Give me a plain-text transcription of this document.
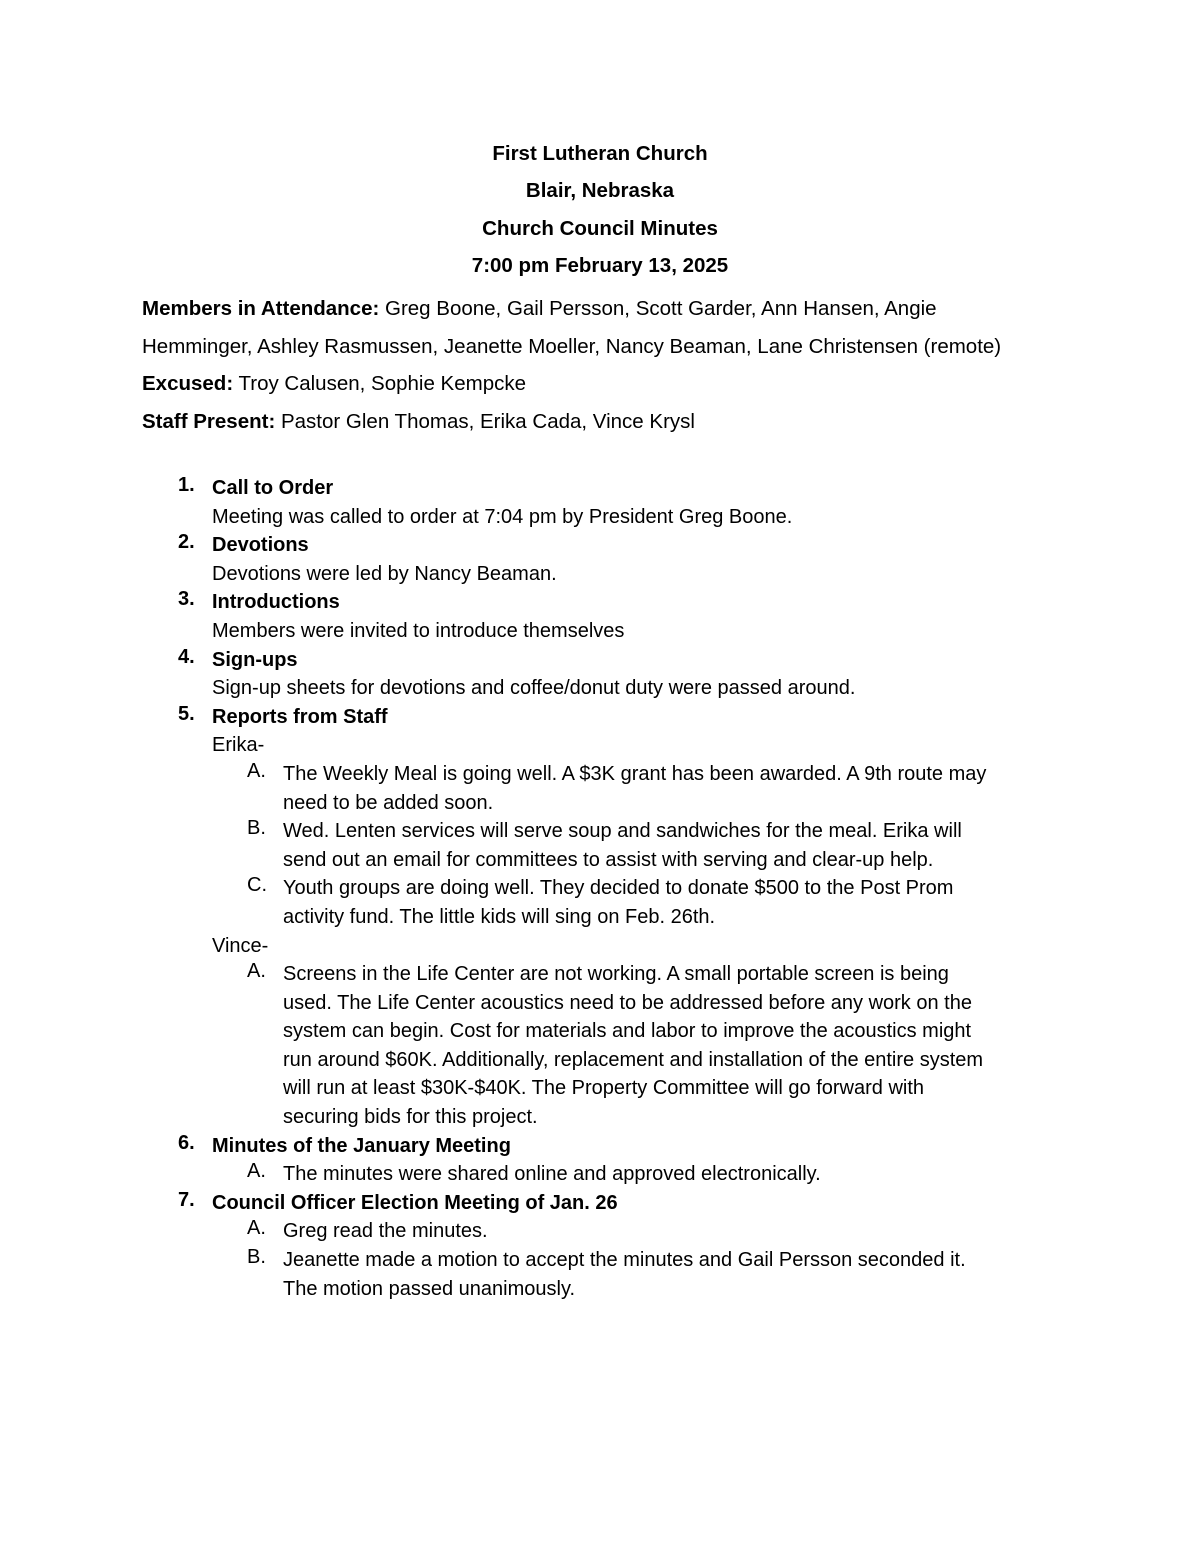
First Lutheran Church
Blair, Nebraska
Church Council Minutes
7:00 pm February 13, 2025

Members in Attendance: Greg Boone, Gail Persson, Scott Garder, Ann Hansen, Angie

Hemminger, Ashley Rasmussen, Jeanette Moeller, Nancy Beaman, Lane Christensen (remote)

Excused: Troy Calusen, Sophie Kempcke

Staff Present: Pastor Glen Thomas, Erika Cada, Vince Krysl

1. Call to Order
Meeting was called to order at 7:04 pm by President Greg Boone.
2. Devotions
Devotions were led by Nancy Beaman.
3. Introductions
Members were invited to introduce themselves
4. Sign-ups
Sign-up sheets for devotions and coffee/donut duty were passed around.
5. Reports from Staff
Erika-
A. The Weekly Meal is going well. A $3K grant has been awarded. A 9th route may
need to be added soon.
B. Wed. Lenten services will serve soup and sandwiches for the meal. Erika will
send out an email for committees to assist with serving and clear-up help.
C. Youth groups are doing well. They decided to donate $500 to the Post Prom
activity fund. The little kids will sing on Feb. 26th.
Vince-
A. Screens in the Life Center are not working. A small portable screen is being
used. The Life Center acoustics need to be addressed before any work on the
system can begin. Cost for materials and labor to improve the acoustics might
run around $60K. Additionally, replacement and installation of the entire system
will run at least $30K-$40K. The Property Committee will go forward with
securing bids for this project.
6. Minutes of the January Meeting
A. The minutes were shared online and approved electronically.
7. Council Officer Election Meeting of Jan. 26
A. Greg read the minutes.
B. Jeanette made a motion to accept the minutes and Gail Persson seconded it.
The motion passed unanimously.
